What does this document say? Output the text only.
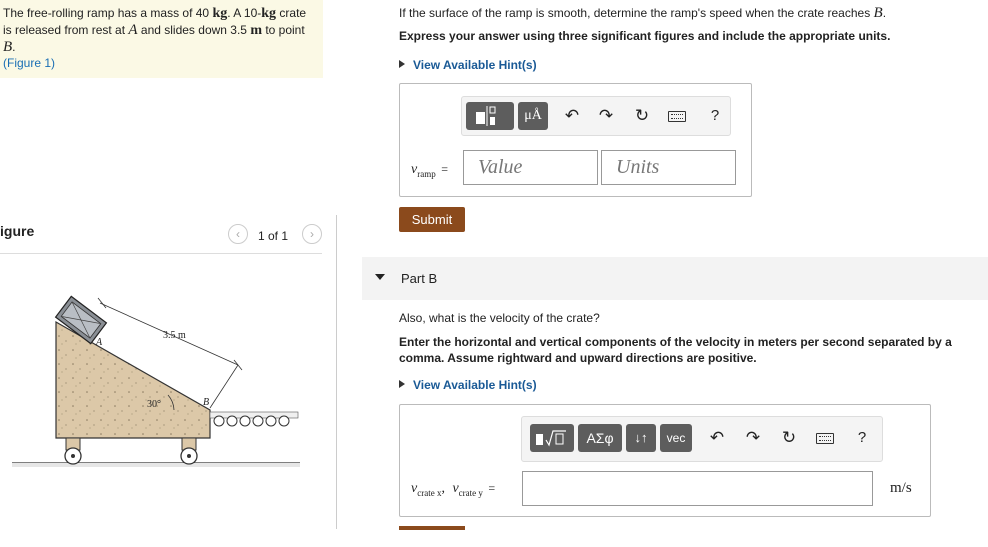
The free-rolling ramp has a mass of 40 kg. A 10-kg crate
is released from rest at A and slides down 3.5 m to point
B.
(Figure 1)
igure	‹	1 of 1	›
3.5 m
A
B
30°
If the surface of the ramp is smooth, determine the ramp's speed when the crate reaches B.
Express your answer using three significant figures and include the appropriate units.
View Available Hint(s)
μÅ	↶ ↷ ↻	?
$v_{ramp}$ =	Value	Units
Submit
Part B
Also, what is the velocity of the crate?
Enter the horizontal and vertical components of the velocity in meters per second separated by a
comma. Assume rightward and upward directions are positive.
View Available Hint(s)
AΣφ	↓↑	vec	↶ ↷ ↻	?
$v_{crate x}$, $v_{crate y}$ =	m/s
